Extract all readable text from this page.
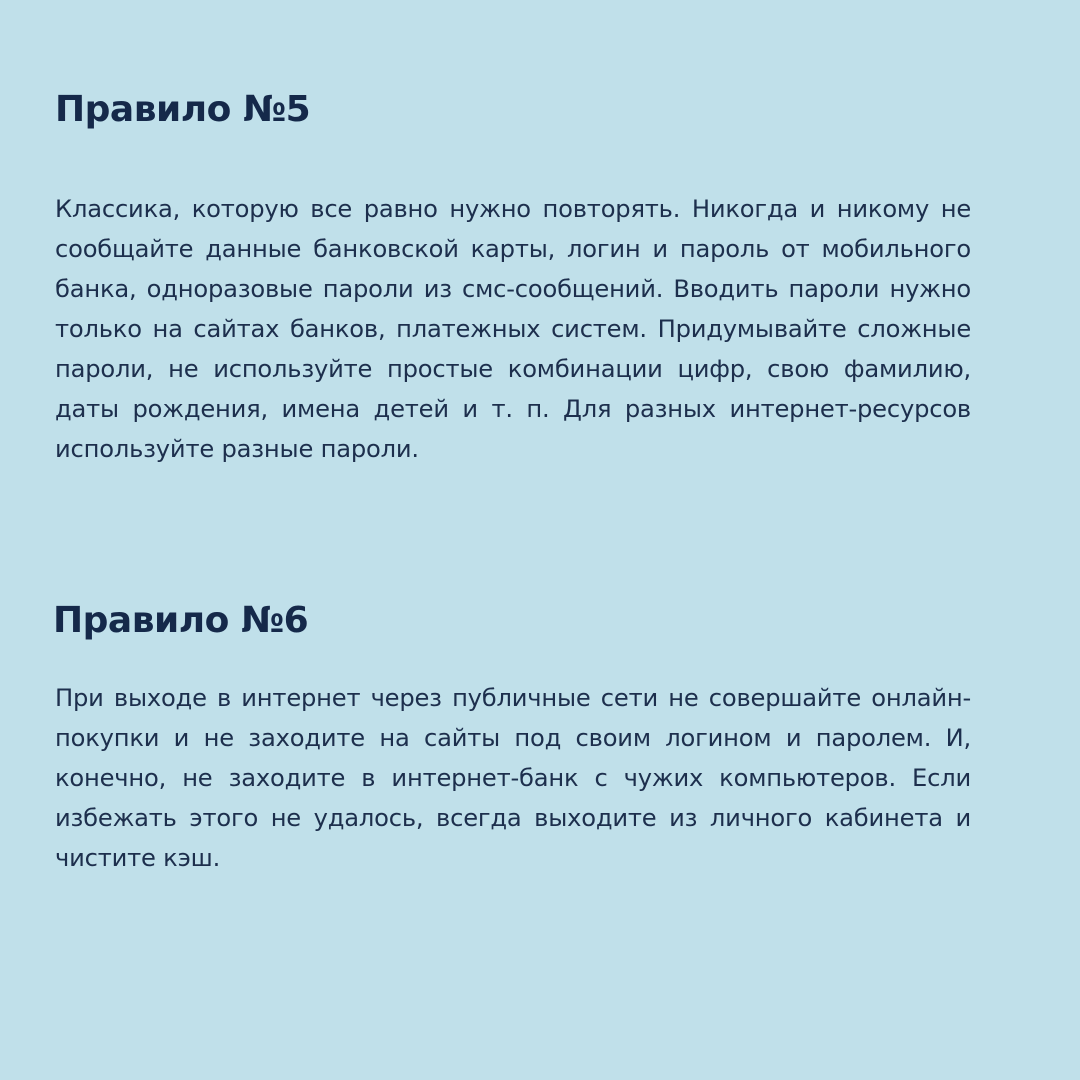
Правило №5

Классика, которую все равно нужно повторять. Никогда и никому не сообщайте данные банковской карты, логин и пароль от мобильного банка, одноразовые пароли из смс-сообщений. Вводить пароли нужно только на сайтах банков, платежных систем. Придумывайте сложные пароли, не используйте простые комбинации цифр, свою фамилию, даты рождения, имена детей и т. п. Для разных интернет-ресурсов используйте разные пароли.

Правило №6

При выходе в интернет через публичные сети не совершайте онлайн-покупки и не заходите на сайты под своим логином и паролем. И, конечно, не заходите в интернет-банк с чужих компьютеров. Если избежать этого не удалось, всегда выходите из личного кабинета и чистите кэш.
